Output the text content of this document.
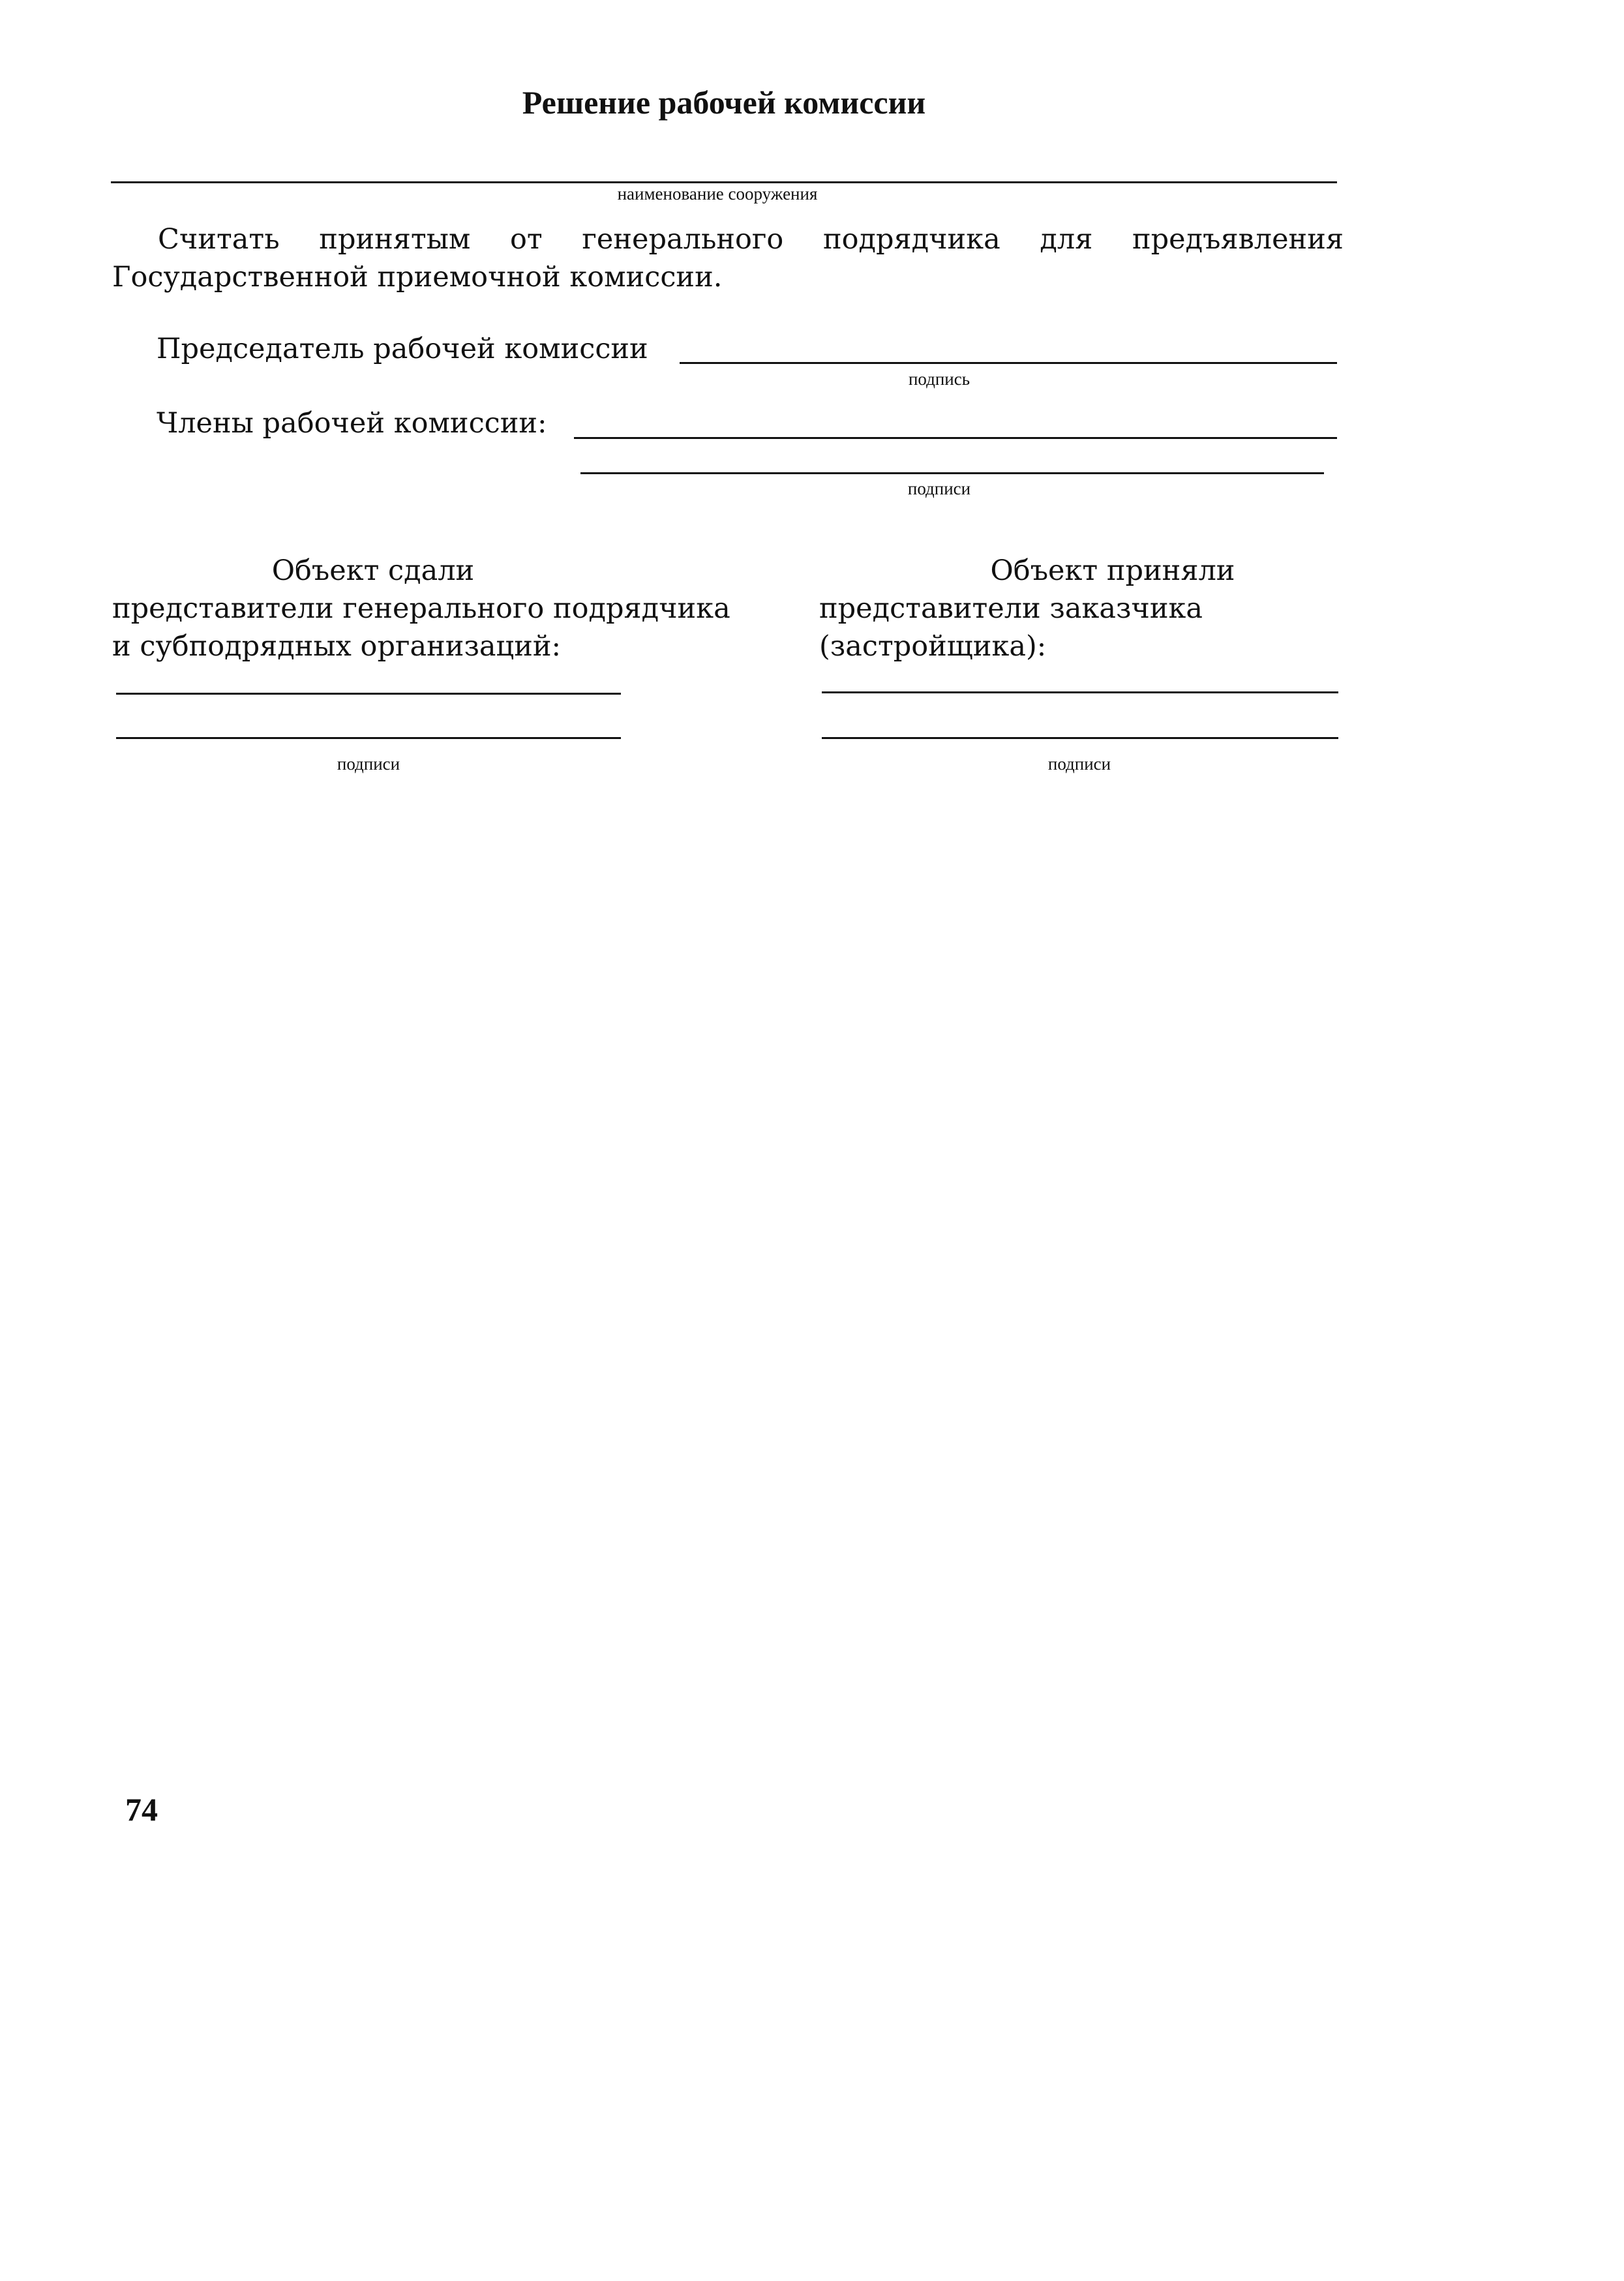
Решение рабочей комиссии
наименование сооружения
Считать принятым от генерального подрядчика для предъявления Государственной приемочной комиссии.
Председатель рабочей комиссии
подпись
Члены рабочей комиссии:
подписи
Объект сдали
представители генерального подрядчика
и субподрядных организаций:
подписи
Объект приняли
представители заказчика
(застройщика):
подписи
74
